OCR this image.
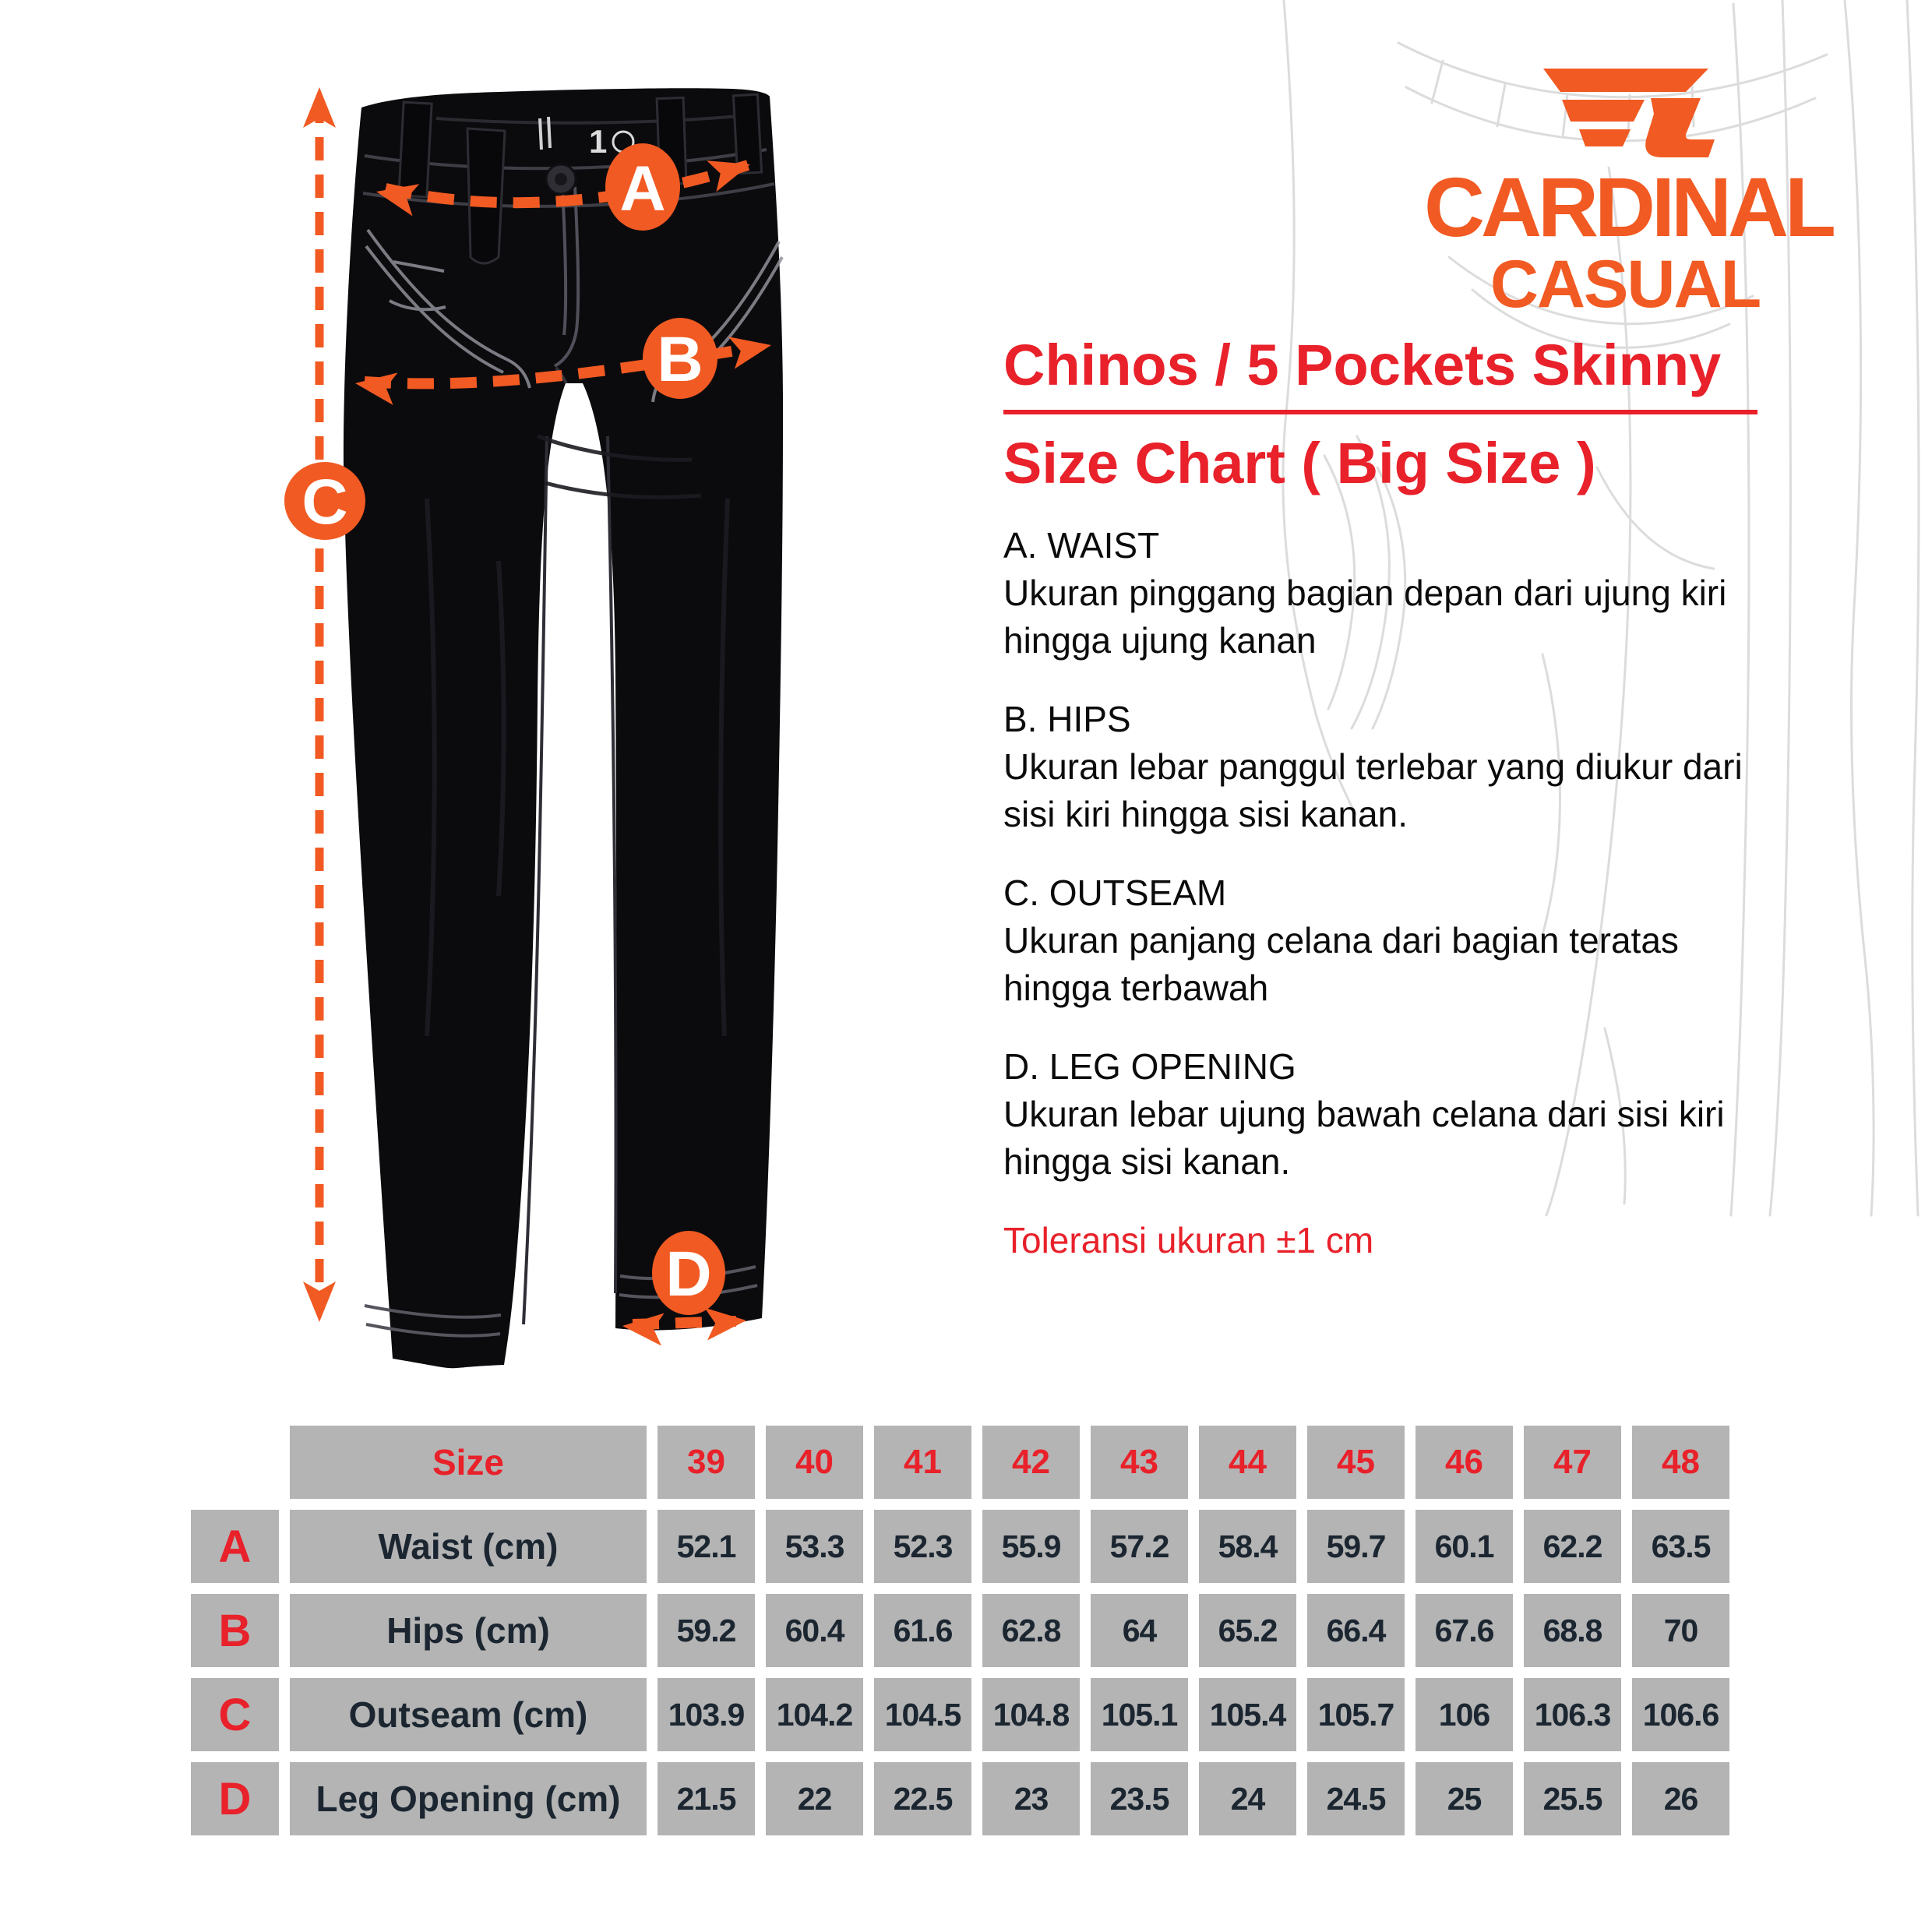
1
A
B
C
D
CARDINAL
CASUAL
Chinos / 5 Pockets Skinny
Size Chart ( Big Size )
A. WAIST
Ukuran pinggang bagian depan dari ujung kiri
hingga ujung kanan
B. HIPS
Ukuran lebar panggul terlebar yang diukur dari
sisi kiri hingga sisi kanan.
C. OUTSEAM
Ukuran panjang celana dari bagian teratas
hingga terbawah
D. LEG OPENING
Ukuran lebar ujung bawah celana dari sisi kiri
hingga sisi kanan.
Toleransi ukuran ±1 cm
Size	39	40	41	42	43	44	45	46	47	48
A	Waist (cm)	52.1	53.3	52.3	55.9	57.2	58.4	59.7	60.1	62.2	63.5
B	Hips (cm)	59.2	60.4	61.6	62.8	64	65.2	66.4	67.6	68.8	70
C	Outseam (cm)	103.9	104.2	104.5	104.8	105.1	105.4	105.7	106	106.3	106.6
D	Leg Opening (cm)	21.5	22	22.5	23	23.5	24	24.5	25	25.5	26
